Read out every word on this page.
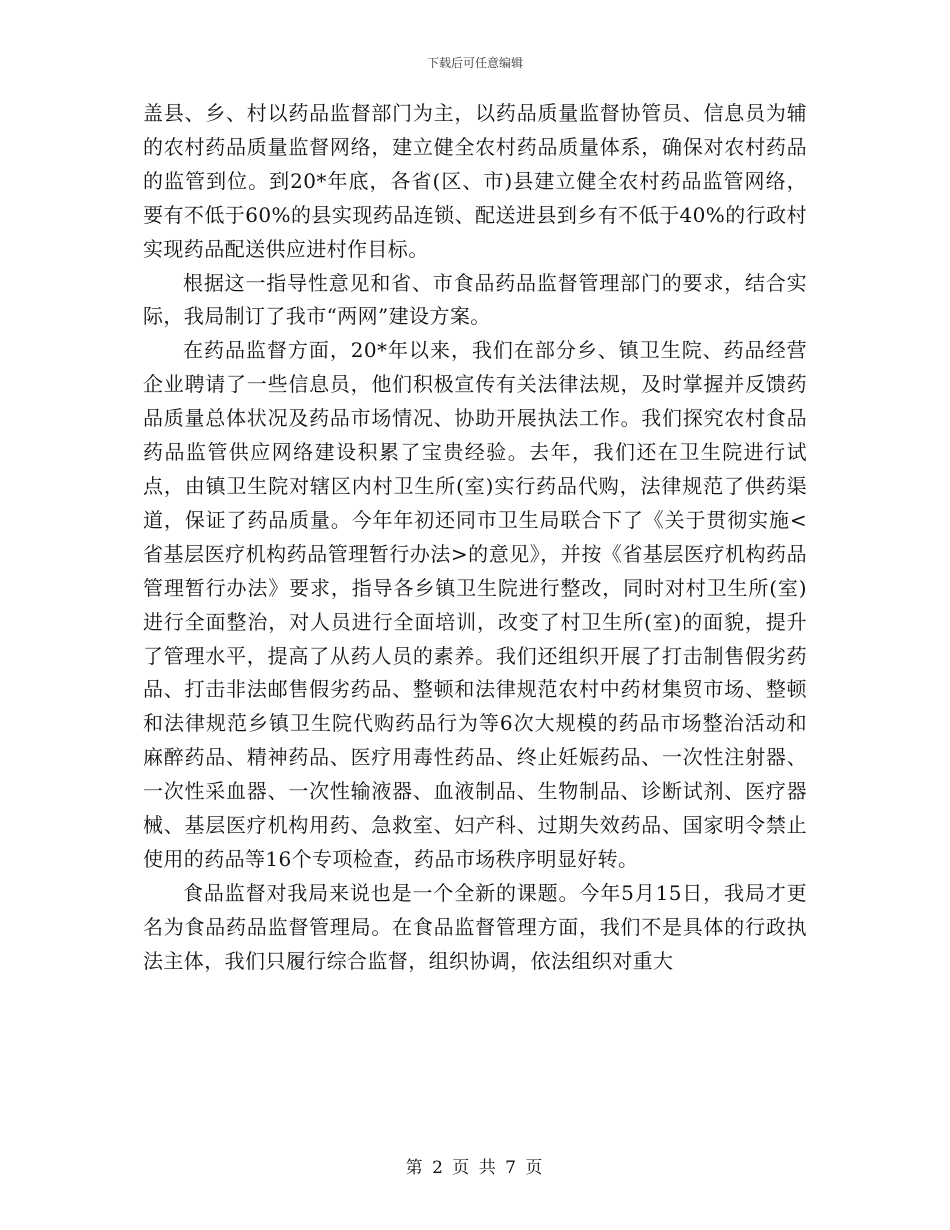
下载后可任意编辑

盖县、乡、村以药品监督部门为主，以药品质量监督协管员、信息员为辅的农村药品质量监督网络，建立健全农村药品质量体系，确保对农村药品的监管到位。到20*年底，各省(区、市)县建立健全农村药品监管网络，要有不低于60%的县实现药品连锁、配送进县到乡有不低于40%的行政村实现药品配送供应进村作目标。

根据这一指导性意见和省、市食品药品监督管理部门的要求，结合实际，我局制订了我市“两网”建设方案。

在药品监督方面，20*年以来，我们在部分乡、镇卫生院、药品经营企业聘请了一些信息员，他们积极宣传有关法律法规，及时掌握并反馈药品质量总体状况及药品市场情况、协助开展执法工作。我们探究农村食品药品监管供应网络建设积累了宝贵经验。去年，我们还在卫生院进行试点，由镇卫生院对辖区内村卫生所(室)实行药品代购，法律规范了供药渠道，保证了药品质量。今年年初还同市卫生局联合下了《关于贯彻实施<省基层医疗机构药品管理暂行办法>的意见》，并按《省基层医疗机构药品管理暂行办法》要求，指导各乡镇卫生院进行整改，同时对村卫生所(室)进行全面整治，对人员进行全面培训，改变了村卫生所(室)的面貌，提升了管理水平，提高了从药人员的素养。我们还组织开展了打击制售假劣药品、打击非法邮售假劣药品、整顿和法律规范农村中药材集贸市场、整顿和法律规范乡镇卫生院代购药品行为等6次大规模的药品市场整治活动和麻醉药品、精神药品、医疗用毒性药品、终止妊娠药品、一次性注射器、一次性采血器、一次性输液器、血液制品、生物制品、诊断试剂、医疗器械、基层医疗机构用药、急救室、妇产科、过期失效药品、国家明令禁止使用的药品等16个专项检查，药品市场秩序明显好转。

食品监督对我局来说也是一个全新的课题。今年5月15日，我局才更名为食品药品监督管理局。在食品监督管理方面，我们不是具体的行政执法主体，我们只履行综合监督，组织协调，依法组织对重大

第 2 页 共 7 页
